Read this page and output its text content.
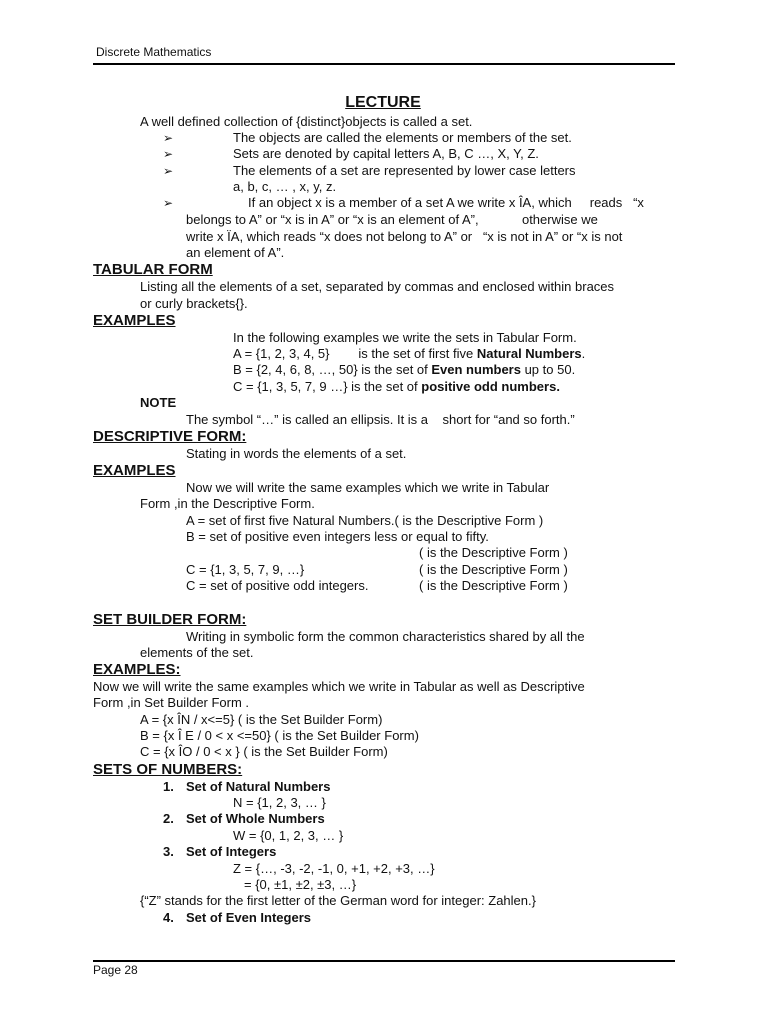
Discrete Mathematics
LECTURE
A well defined collection of {distinct}objects is called a set.
➢	The objects are called the elements or members of the set.
➢	Sets are denoted by capital letters A, B, C …, X, Y, Z.
➢	The elements of a set are represented by lower case letters
a, b, c, … , x, y, z.
➢	If an object x is a member of a set A we write x ÎA, which     reads   “x
belongs to A” or “x is in A” or “x is an element of A”,            otherwise we
write x ÏA, which reads “x does not belong to A” or   “x is not in A” or “x is not
an element of A”.
TABULAR FORM
Listing all the elements of a set, separated by commas and enclosed within braces
or curly brackets{}.
EXAMPLES
In the following examples we write the sets in Tabular Form.
A = {1, 2, 3, 4, 5}        is the set of first five Natural Numbers.
B = {2, 4, 6, 8, …, 50} is the set of Even numbers up to 50.
C = {1, 3, 5, 7, 9 …} is the set of positive odd numbers.
NOTE
The symbol “…” is called an ellipsis. It is a    short for “and so forth.”
DESCRIPTIVE FORM:
Stating in words the elements of a set.
EXAMPLES
Now we will write the same examples which we write in Tabular
Form ,in the Descriptive Form.
A = set of first five Natural Numbers.( is the Descriptive Form )
B = set of positive even integers less or equal to fifty.
( is the Descriptive Form )
C = {1, 3, 5, 7, 9, …}	( is the Descriptive Form )
C = set of positive odd integers.	( is the Descriptive Form )
SET BUILDER FORM:
Writing in symbolic form the common characteristics shared by all the
elements of the set.
EXAMPLES:
Now we will write the same examples which we write in Tabular as well as Descriptive
Form ,in Set Builder Form .
A = {x ÎN / x<=5} ( is the Set Builder Form)
B = {x Î E / 0 < x <=50} ( is the Set Builder Form)
C = {x ÎO / 0 < x } ( is the Set Builder Form)
SETS OF NUMBERS:
1. Set of Natural Numbers
N = {1, 2, 3, … }
2. Set of Whole Numbers
W = {0, 1, 2, 3, … }
3. Set of Integers
Z = {…, -3, -2, -1, 0, +1, +2, +3, …}
= {0, ±1, ±2, ±3, …}
{“Z” stands for the first letter of the German word for integer: Zahlen.}
4. Set of Even Integers
Page 28
